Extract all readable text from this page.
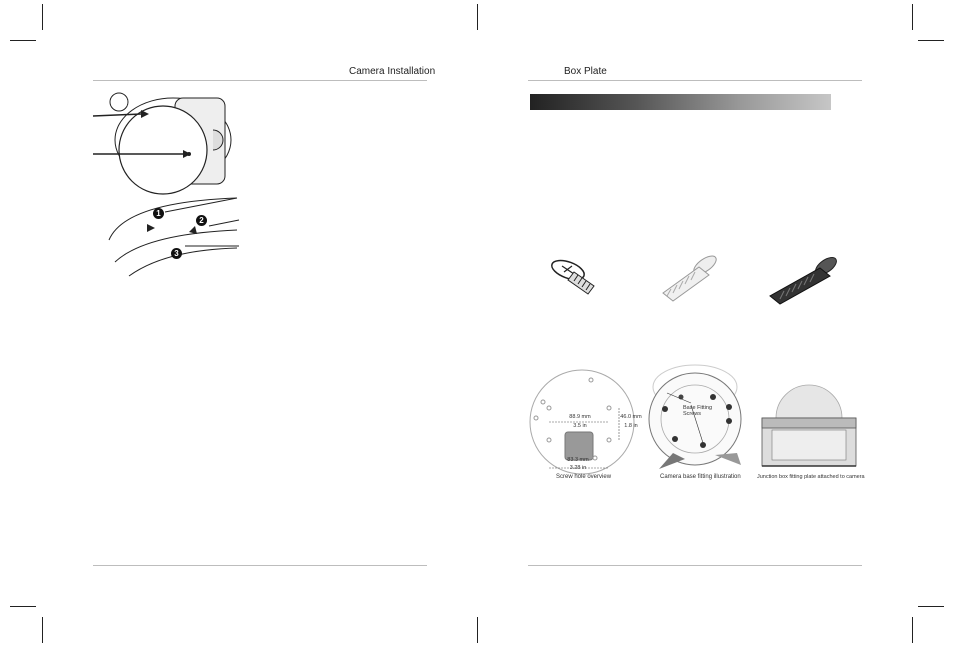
Camera Installation
1
2
3
Box Plate
88.9 mm
3.5 in
46.0 mm
1.8 in
83.3 mm
3.28 in
Screw hole overview
Base Fitting Screws
Camera base fitting illustration	Junction box fitting plate attached to camera
